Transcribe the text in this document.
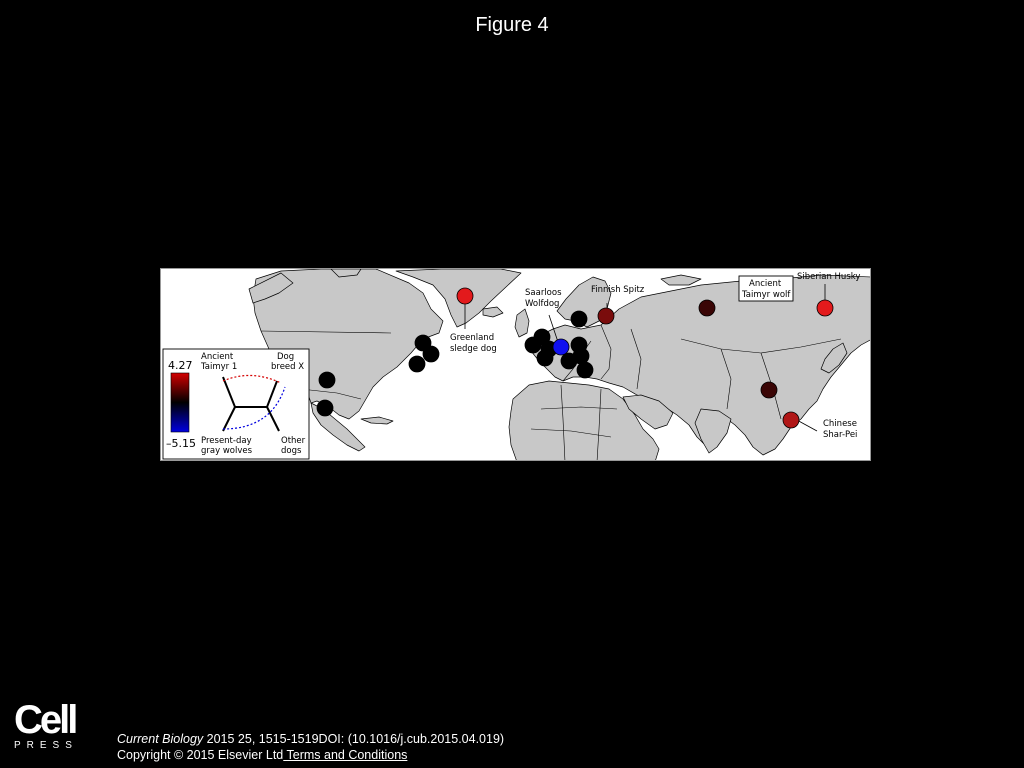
Figure 4
Greenland
sledge dog
Saarloos
Wolfdog
Finnish Spitz
Ancient
Taimyr wolf
Siberian Husky
Chinese
Shar-Pei
4.27
–5.15
Ancient
Taimyr 1
Dog
breed X
Present-day
gray wolves
Other
dogs
Cell
PRESS	Current Biology 2015 25, 1515-1519DOI: (10.1016/j.cub.2015.04.019)
Copyright © 2015 Elsevier Ltd Terms and Conditions
